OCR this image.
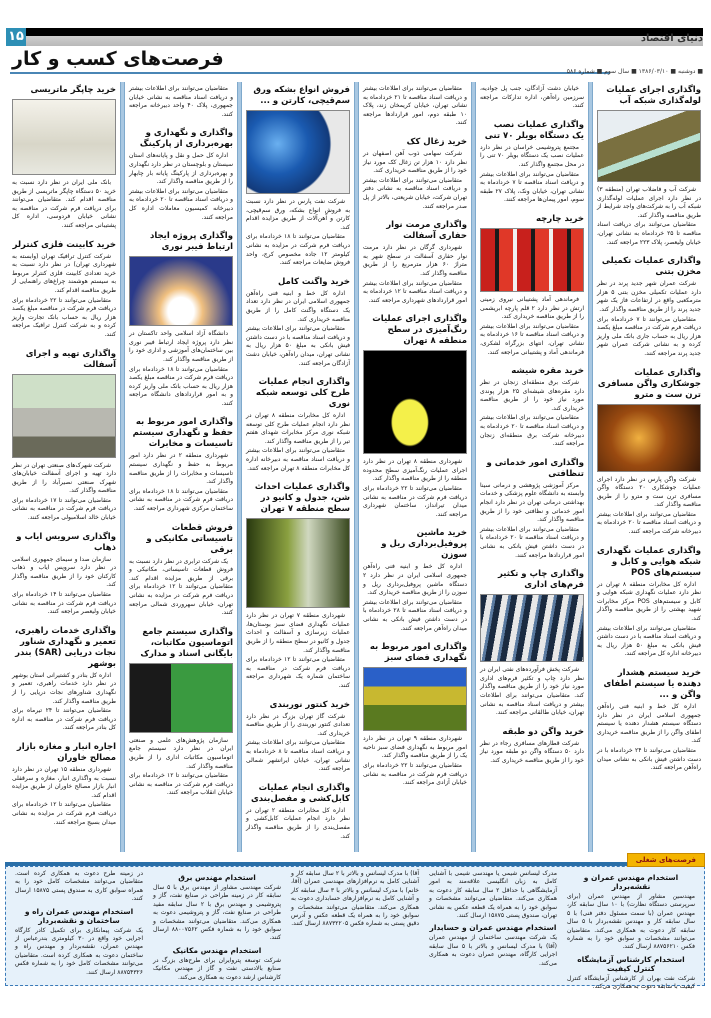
۱۵	دنیای اقتصاد
فرصت‌های کسب و کار
■ دوشنبه ■ ۱۳۸۶/۰۳/۱۰ ■ سال سوم ■ شماره ۵۸۶
واگذاری اجرای عملیات لوله‌گذاری شبکه آب

شرکت آب و فاضلاب تهران (منطقه ۳) در نظر دارد اجرای عملیات لوله‌گذاری شبکه آب را به شرکت‌های واجد شرایط از طریق مناقصه واگذار کند.

متقاضیان می‌توانند برای دریافت اسناد مناقصه تا ۲۵ خردادماه به نشانی تهران، خیابان ولیعصر، پلاک ۲۲۳ مراجعه کنند.

واگذاری عملیات تکمیلی مخزن بتنی

شرکت عمران شهر جدید پرند در نظر دارد عملیات تکمیلی مخزن بتنی ۵ هزار مترمکعبی واقع در ارتفاعات فاز یک شهر جدید پرند را از طریق مناقصه واگذار کند.

متقاضیان می‌توانند تا ۷ خردادماه برای دریافت فرم شرکت در مناقصه مبلغ یکصد هزار ریال به حساب جاری بانک ملی واریز کرده و به نشانی شرکت عمران شهر جدید پرند مراجعه کنند.

واگذاری عملیات جوشکاری واگن مسافری ترن ست و مترو

شرکت واگن پارس در نظر دارد اجرای عملیات جوشکاری ۲۰ دستگاه واگن مسافری ترن ست و مترو را از طریق مناقصه واگذار کند.

متقاضیان می‌توانند برای اطلاعات بیشتر و دریافت اسناد مناقصه تا ۲۰ خردادماه به دبیرخانه شرکت مراجعه کنند.

واگذاری عملیات نگهداری شبکه هوایی و کابل و سیستم‌های POS

اداره کل مخابرات منطقه ۸ تهران در نظر دارد عملیات نگهداری شبکه هوایی و کابل و سیستم‌های POS مرکز مخابرات شهید بهشتی را از طریق مناقصه واگذار کند.

متقاضیان می‌توانند برای اطلاعات بیشتر و دریافت اسناد مناقصه با در دست داشتن فیش بانکی به مبلغ ۵۰ هزار ریال به دبیرخانه اداره کل مراجعه کنند.

خرید سیستم هشدار دهنده یا سیستم اطفای واگن و ...

اداره کل خط و ابنیه فنی راه‌آهن جمهوری اسلامی ایران در نظر دارد دستگاه سیستم هشدار دهنده یا سیستم اطفای واگن را از طریق مناقصه خریداری کند.

متقاضیان می‌توانند تا ۲۴ خردادماه با در دست داشتن فیش بانکی به نشانی میدان راه‌آهن مراجعه کنند.

خیابان دشت آزادگان، جنب پل جوادیه، سرزمین راه‌آهن، اداره تدارکات مراجعه کنند.

واگذاری عملیات نصب یک دستگاه بویلر ۷۰ تنی

مجتمع پتروشیمی خراسان در نظر دارد عملیات نصب یک دستگاه بویلر ۷۰ تنی را در محل مجتمع واگذار کند.

متقاضیان می‌توانند برای اطلاعات بیشتر و دریافت اسناد مناقصه تا ۷ خردادماه به نشانی تهران، خیابان ونک، پلاک ۲۷ طبقه سوم، امور پیمان‌ها مراجعه کنند.

خرید چارچه

فرماندهی آماد پشتیبانی نیروی زمینی ارتش در نظر دارد ۲ قلم پارچه ابریشمی را از طریق مناقصه خریداری کند.

متقاضیان می‌توانند برای اطلاعات بیشتر و دریافت اسناد مناقصه تا ۱۶ خردادماه به نشانی تهران، انتهای بزرگراه لشکری، فرماندهی آماد و پشتیبانی مراجعه کنند.

خرید مقره شیشه

شرکت برق منطقه‌ای زنجان در نظر دارد مقره‌های شیشه‌ای ۲۵ هزار پوندی مورد نیاز خود را از طریق مناقصه خریداری کند.

متقاضیان می‌توانند برای اطلاعات بیشتر و دریافت اسناد مناقصه تا ۲۰ خردادماه به دبیرخانه شرکت برق منطقه‌ای زنجان مراجعه کنند.

واگذاری امور خدماتی و تنظافتی

مرکز آموزشی پژوهشی و درمانی سینا وابسته به دانشگاه علوم پزشکی و خدمات بهداشتی درمانی تهران در نظر دارد انجام امور خدماتی و نظافتی خود را از طریق مناقصه واگذار کند.

متقاضیان می‌توانند برای اطلاعات بیشتر و دریافت اسناد مناقصه تا ۲۰ خردادماه با در دست داشتن فیش بانکی به نشانی امور قراردادها مراجعه کنند.

واگذاری چاپ و تکثیر فرم‌های اداری

شرکت پخش فرآورده‌های نفتی ایران در نظر دارد چاپ و تکثیر فرم‌های اداری مورد نیاز خود را از طریق مناقصه واگذار کند. متقاضیان می‌توانند برای اطلاعات بیشتر و دریافت اسناد مناقصه به نشانی تهران، خیابان طالقانی مراجعه کنند.

خرید واگن دو طبقه

شرکت قطارهای مسافری رجاء در نظر دارد ۵۰ دستگاه واگن دو طبقه مورد نیاز خود را از طریق مناقصه خریداری کند.

متقاضیان می‌توانند برای اطلاعات بیشتر و دریافت اسناد مناقصه تا ۲۱ خردادماه به نشانی تهران، خیابان کریمخان زند، پلاک ۱۰ طبقه دوم، امور قراردادها مراجعه کنند.

خرید زغال کک

شرکت سهامی ذوب آهن اصفهان در نظر دارد ۱۰ هزار تن زغال کک مورد نیاز خود را از طریق مناقصه خریداری کند.

متقاضیان می‌توانند برای اطلاعات بیشتر و دریافت اسناد مناقصه به نشانی دفتر تهران شرکت، خیابان شریعتی، بالاتر از پل صدر مراجعه کنند.

واگذاری مرمت نوار حفاری آسفالت

شهرداری گرگان در نظر دارد مرمت نوار حفاری آسفالت در سطح شهر به متراژ ۶۰ هزار مترمربع را از طریق مناقصه واگذار کند.

متقاضیان می‌توانند برای اطلاعات بیشتر و دریافت اسناد مناقصه تا ۱۲ خردادماه به امور قراردادهای شهرداری مراجعه کنند.

واگذاری اجرای عملیات رنگ‌آمیزی در سطح منطقه ۸ تهران

شهرداری منطقه ۸ تهران در نظر دارد اجرای عملیات رنگ‌آمیزی سطح محدوده منطقه را از طریق مناقصه واگذار کند.

متقاضیان می‌توانند تا ۲۲ خردادماه برای دریافت فرم شرکت در مناقصه به نشانی میدان تیرانداز، ساختمان شهرداری مراجعه کنند.

خرید ماشین پروفیل‌برداری ریل و سوزن

اداره کل خط و ابنیه فنی راه‌آهن جمهوری اسلامی ایران در نظر دارد ۲ دستگاه ماشین پروفیل‌برداری ریل و سوزن را از طریق مناقصه خریداری کند.

متقاضیان می‌توانند برای اطلاعات بیشتر و دریافت اسناد مناقصه تا ۲۸ خردادماه با در دست داشتن فیش بانکی به نشانی میدان راه‌آهن مراجعه کنند.

واگذاری امور مربوط به نگهداری فضای سبز

شهرداری منطقه ۹ تهران در نظر دارد امور مربوط به نگهداری فضای سبز ناحیه یک را از طریق مناقصه واگذار کند.

متقاضیان می‌توانند تا ۲۲ خردادماه برای دریافت فرم شرکت در مناقصه به نشانی خیابان آزادی مراجعه کنند.

فروش انواع بشکه ورق سم‌قیچی، کارتن و ...

شرکت نفت پارس در نظر دارد نسبت به فروش انواع بشکه، ورق سم‌قیچی، کارتن و آهن‌آلات از طریق مزایده اقدام کند.

متقاضیان می‌توانند تا ۱۸ خردادماه برای دریافت فرم شرکت در مزایده به نشانی کیلومتر ۱۲ جاده مخصوص کرج، واحد فروش ضایعات مراجعه کنند.

خرید واگنت کامل

اداره کل خط و ابنیه فنی راه‌آهن جمهوری اسلامی ایران در نظر دارد تعداد یک دستگاه واگنت کامل را از طریق مناقصه خریداری کند.

متقاضیان می‌توانند برای اطلاعات بیشتر و دریافت اسناد مناقصه با در دست داشتن فیش بانکی به مبلغ ۵۰ هزار ریال به نشانی تهران، میدان راه‌آهن، خیابان دشت آزادگان مراجعه کنند.

واگذاری انجام عملیات طرح کلی توسعه شبکه نوری

اداره کل مخابرات منطقه ۸ تهران در نظر دارد انجام عملیات طرح کلی توسعه شبکه نوری مرکز مخابرات شهدای هفتم تیر را از طریق مناقصه واگذار کند.

متقاضیان می‌توانند برای اطلاعات بیشتر و دریافت اسناد مناقصه به دبیرخانه اداره کل مخابرات منطقه ۸ تهران مراجعه کنند.

واگذاری عملیات احداث شن، جدول و کانیو در سطح منطقه ۷ تهران

شهرداری منطقه ۷ تهران در نظر دارد عملیات نگهداری فضای سبز بوستان‌ها، عملیات زیرسازی و آسفالت و احداث جدول و کانیو در سطح منطقه را از طریق مناقصه واگذار کند.

متقاضیان می‌توانند تا ۱۲ خردادماه برای دریافت فرم شرکت در مناقصه به ساختمان شماره یک شهرداری مراجعه کنند.

خرید کنتور نوربندی

شرکت گاز تهران بزرگ در نظر دارد تعدادی کنتور نوربندی را از طریق مناقصه خریداری کند.

متقاضیان می‌توانند برای اطلاعات بیشتر و دریافت اسناد مناقصه تا ۸ خردادماه به نشانی تهران، خیابان ایرانشهر شمالی مراجعه کنند.

واگذاری انجام عملیات کابل‌کشی و مفصل‌بندی

اداره کل مخابرات منطقه ۲ تهران در نظر دارد انجام عملیات کابل‌کشی و مفصل‌بندی را از طریق مناقصه واگذار کند.

متقاضیان می‌توانند برای اطلاعات بیشتر و دریافت اسناد مناقصه به نشانی خیابان جمهوری، پلاک ۴۰ واحد دبیرخانه مراجعه کنند.

واگذاری و نگهداری و بهره‌برداری از پارکینگ

اداره کل حمل و نقل و پایانه‌های استان سیستان و بلوچستان در نظر دارد نگهداری و بهره‌برداری از پارکینگ پایانه بار چابهار را از طریق مناقصه واگذار کند.

متقاضیان می‌توانند برای اطلاعات بیشتر و دریافت اسناد مناقصه تا ۲۰ خردادماه به دبیرخانه کمیسیون معاملات اداره کل مراجعه کنند.

واگذاری پروژه ایجاد ارتباط فیبر نوری

دانشگاه آزاد اسلامی واحد تاکستان در نظر دارد پروژه ایجاد ارتباط فیبر نوری بین ساختمان‌های آموزشی و اداری خود را از طریق مناقصه واگذار کند.

متقاضیان می‌توانند تا ۱۸ خردادماه برای دریافت فرم شرکت در مناقصه مبلغ یکصد هزار ریال به حساب بانک ملی واریز کرده و به امور قراردادهای دانشگاه مراجعه کنند.

واگذاری امور مربوط به حفظ و نگهداری سیستم تاسیسات و مخابرات

شهرداری منطقه ۲ در نظر دارد امور مربوط به حفظ و نگهداری سیستم تاسیسات و مخابرات را از طریق مناقصه واگذار کند.

متقاضیان می‌توانند تا ۱۸ خردادماه برای دریافت فرم شرکت در مناقصه به نشانی ساختمان مرکزی شهرداری مراجعه کنند.

فروش قطعات تاسیساتی مکانیکی و برقی

یک شرکت ترابری در نظر دارد نسبت به فروش قطعات تاسیساتی، مکانیکی و برقی از طریق مزایده اقدام کند. متقاضیان می‌توانند تا ۱۲ خردادماه برای دریافت فرم شرکت در مزایده به نشانی تهران، خیابان سهروردی شمالی مراجعه کنند.

واگذاری سیستم جامع اتوماسیون مکاتبات، بایگانی اسناد و مدارک

سازمان پژوهش‌های علمی و صنعتی ایران در نظر دارد سیستم جامع اتوماسیون مکاتبات اداری را از طریق مناقصه واگذار کند.

متقاضیان می‌توانند تا ۱۲ خردادماه برای دریافت فرم شرکت در مناقصه به نشانی خیابان انقلاب مراجعه کنند.

خرید چاپگر ماتریسی

بانک ملی ایران در نظر دارد نسبت به خرید ۵۰ دستگاه چاپگر ماتریسی از طریق مناقصه اقدام کند. متقاضیان می‌توانند برای دریافت فرم شرکت در مناقصه به نشانی خیابان فردوسی، اداره کل پشتیبانی مراجعه کنند.

خرید کابینت فلزی کنترلر

شرکت کنترل ترافیک تهران (وابسته به شهرداری تهران) در نظر دارد نسبت به خرید تعدادی کابینت فلزی کنترلر مربوط به سیستم هوشمند چراغ‌های راهنمایی از طریق مناقصه اقدام کند.

متقاضیان می‌توانند تا ۲۲ خردادماه برای دریافت فرم شرکت در مناقصه مبلغ یکصد هزار ریال به حساب بانک تجارت واریز کرده و به شرکت کنترل ترافیک مراجعه کنند.

واگذاری تهیه و اجرای آسفالت

شرکت شهرک‌های صنعتی تهران در نظر دارد تهیه و اجرای آسفالت خیابان‌های شهرک صنعتی نصیرآباد را از طریق مناقصه واگذار کند.

متقاضیان می‌توانند تا ۱۷ خردادماه برای دریافت فرم شرکت در مناقصه به نشانی خیابان خالد اسلامبولی مراجعه کنند.

واگذاری سرویس ایاب و ذهاب

سازمان صدا و سیمای جمهوری اسلامی در نظر دارد سرویس ایاب و ذهاب کارکنان خود را از طریق مناقصه واگذار کند.

متقاضیان می‌توانند تا ۱۴ خردادماه برای دریافت فرم شرکت در مناقصه به نشانی خیابان ولیعصر مراجعه کنند.

واگذاری خدمات راهبری، تعمیر و نگهداری شناور نجات دریایی (SAR) بندر بوشهر

اداره کل بنادر و کشتیرانی استان بوشهر در نظر دارد خدمات راهبری، تعمیر و نگهداری شناورهای نجات دریایی را از طریق مناقصه واگذار کند.

متقاضیان می‌توانند تا ۲۴ تیرماه برای دریافت فرم شرکت در مناقصه به اداره کل بنادر مراجعه کنند.

اجاره انبار و مغازه بازار مصالح خاوران

شهرداری منطقه ۱۵ تهران در نظر دارد نسبت به واگذاری انبار، مغازه و سرقفلی انبار بازار مصالح خاوران از طریق مزایده اقدام کند.

متقاضیان می‌توانند تا ۱۲ خردادماه برای دریافت فرم شرکت در مزایده به نشانی میدان بسیج مراجعه کنند.

استخدام مهندس عمران و نقشه‌بردار

مهندسین مشاور از مهندس عمران (برای سرپرستی دستگاه نظارت) با ۱۰ سال سابقه کار، مهندس عمران (با سمت مسئول دفتر فنی) با ۵ سال سابقه کار و مهندس نقشه‌بردار با ۵ سال سابقه کار دعوت به همکاری می‌کند. متقاضیان می‌توانند مشخصات و سوابق خود را به شماره فکس ۸۸۷۵۶۲۱۰ ارسال کنند.

استخدام کارشناس آزمایشگاه کنترل کیفیت

شرکت نفت بهران از کارشناس آزمایشگاه کنترل کیفیت با سابقه دعوت به همکاری می‌کند.

مدرک لیسانس شیمی یا مهندسی شیمی با آشنایی کامل به زبان انگلیسی علاقه‌مند به امور آزمایشگاهی با حداقل ۲ سال سابقه کار دعوت به همکاری می‌کند. متقاضیان می‌توانند مشخصات و سوابق خود را به همراه یک قطعه عکس به نشانی تهران، صندوق پستی ۱۵۸۷۵ ارسال کنند.

استخدام مهندس عمران و حسابدار

یک شرکت مهندسی ساختمان از مهندس عمران (آقا) با مدرک لیسانس و بالاتر با ۵ سال سابقه اجرایی کارگاه، مهندس عمران دعوت به همکاری می‌کند.

آقا) با مدرک لیسانس و بالاتر با ۲ سال سابقه کار و آشنایی کامل به نرم‌افزارهای مهندسی عمران (آقا، خانم) با مدرک لیسانس و بالاتر با ۳ سال سابقه کار و آشنایی کامل به نرم‌افزارهای حسابداری دعوت به همکاری می‌کند. متقاضیان می‌توانند مشخصات و سوابق خود را به همراه یک قطعه عکس و آدرس دقیق پستی به شماره فکس ۸۸۷۳۲۲۰۵ ارسال کنند.

استخدام مهندس برق

شرکت مهندسی مشاور از مهندس برق با ۵ سال سابقه کار در زمینه طراحی در صنایع نفت، گاز و پتروشیمی و مهندس برق با ۲ سال سابقه مفید طراحی در صنایع نفت، گاز و پتروشیمی دعوت به همکاری می‌کند. متقاضیان می‌توانند مشخصات و سوابق خود را به شماره فکس ۸۸۰۰۷۵۶۲ ارسال کنند.

استخدام مهندس مکانیک

شرکت توسعه پتروایران برای طرح‌های بزرگ در صنایع بالادستی نفت و گاز از مهندس مکانیک کارشناس ارشد دعوت به همکاری می‌کند.

در زمینه طرح دعوت به همکاری کرده است. متقاضیان می‌توانند مشخصات کامل خود را به همراه سوابق کاری به صندوق پستی ۱۵۸۷۵ ارسال کنند.

استخدام مهندس عمران راه و ساختمان و نقشه‌بردار

یک شرکت پیمانکاری برای تکمیل کادر کارگاه اجرایی خود واقع در ۳۰ کیلومتری بندرعباس از مهندس عمران، نقشه‌بردار و مهندس راه و ساختمان دعوت به همکاری کرده است. متقاضیان می‌توانند مشخصات کامل خود را به شماره فکس ۸۸۷۵۴۳۲۶ ارسال کنند.

فرصت‌های شغلی
